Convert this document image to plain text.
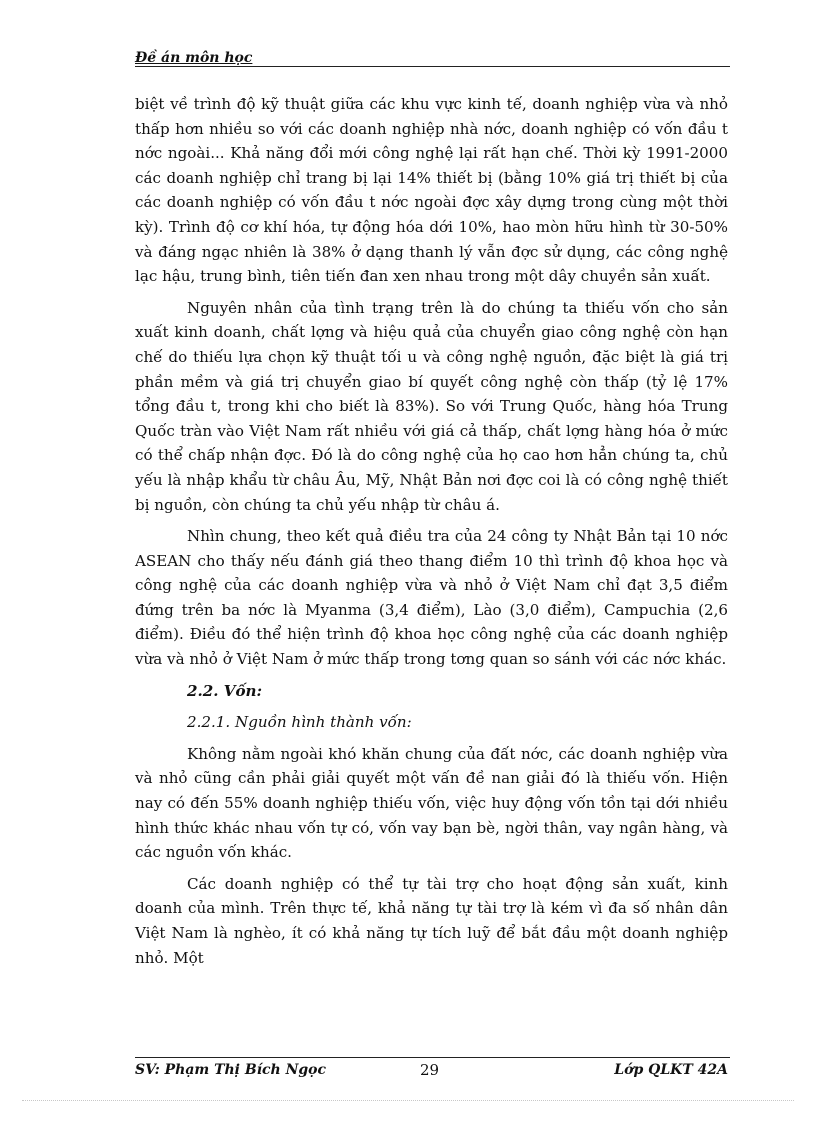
Đề án môn học

biệt về trình độ kỹ thuật giữa các khu vực kinh tế, doanh nghiệp vừa và nhỏ thấp hơn nhiều so với các doanh nghiệp nhà nớc, doanh nghiệp có vốn đầu t nớc ngoài... Khả năng đổi mới công nghệ lại rất hạn chế. Thời kỳ 1991-2000 các doanh nghiệp chỉ trang bị lại 14% thiết bị (bằng 10% giá trị thiết bị của các doanh nghiệp có vốn đầu t nớc ngoài đợc xây dựng trong cùng một thời kỳ). Trình độ cơ khí hóa, tự động hóa dới 10%, hao mòn hữu hình từ 30-50% và đáng ngạc nhiên là 38% ở dạng thanh lý vẫn đợc sử dụng, các công nghệ lạc hậu, trung bình, tiên tiến đan xen nhau trong một dây chuyền sản xuất.

Nguyên nhân của tình trạng trên là do chúng ta thiếu vốn cho sản xuất kinh doanh, chất lợng và hiệu quả của chuyển giao công nghệ còn hạn chế do thiếu lựa chọn kỹ thuật tối u và công nghệ nguồn, đặc biệt là giá trị phần mềm và giá trị chuyển giao bí quyết công nghệ còn thấp (tỷ lệ 17% tổng đầu t, trong khi cho biết là 83%). So với Trung Quốc, hàng hóa Trung Quốc tràn vào Việt Nam rất nhiều với giá cả thấp, chất lợng hàng hóa ở mức có thể chấp nhận đợc. Đó là do công nghệ của họ cao hơn hẳn chúng ta, chủ yếu là nhập khẩu từ châu Âu, Mỹ, Nhật Bản nơi đợc coi là có công nghệ thiết bị nguồn, còn chúng ta chủ yếu nhập từ châu á.

Nhìn chung, theo kết quả điều tra của 24 công ty Nhật Bản tại 10 nớc ASEAN cho thấy nếu đánh giá theo thang điểm 10 thì trình độ khoa học và công nghệ của các doanh nghiệp vừa và nhỏ ở Việt Nam chỉ đạt 3,5 điểm đứng trên ba nớc là Myanma (3,4 điểm), Lào (3,0 điểm), Campuchia (2,6 điểm). Điều đó thể hiện trình độ khoa học công nghệ của các doanh nghiệp vừa và nhỏ ở Việt Nam ở mức thấp trong tơng quan so sánh với các nớc khác.

2.2. Vốn:

2.2.1. Nguồn hình thành vốn:

Không nằm ngoài khó khăn chung của đất nớc, các doanh nghiệp vừa và nhỏ cũng cần phải giải quyết một vấn đề nan giải đó là thiếu vốn. Hiện nay có đến 55% doanh nghiệp thiếu vốn, việc huy động vốn tồn tại dới nhiều hình thức khác nhau vốn tự có, vốn vay bạn bè, ngời thân, vay ngân hàng, và các nguồn vốn khác.

Các doanh nghiệp có thể tự tài trợ cho hoạt động sản xuất, kinh doanh của mình. Trên thực tế, khả năng tự tài trợ là kém vì đa số nhân dân Việt Nam là nghèo, ít có khả năng tự tích luỹ để bắt đầu một doanh nghiệp nhỏ. Một

SV: Phạm Thị Bích Ngọc	29	Lớp QLKT 42A
